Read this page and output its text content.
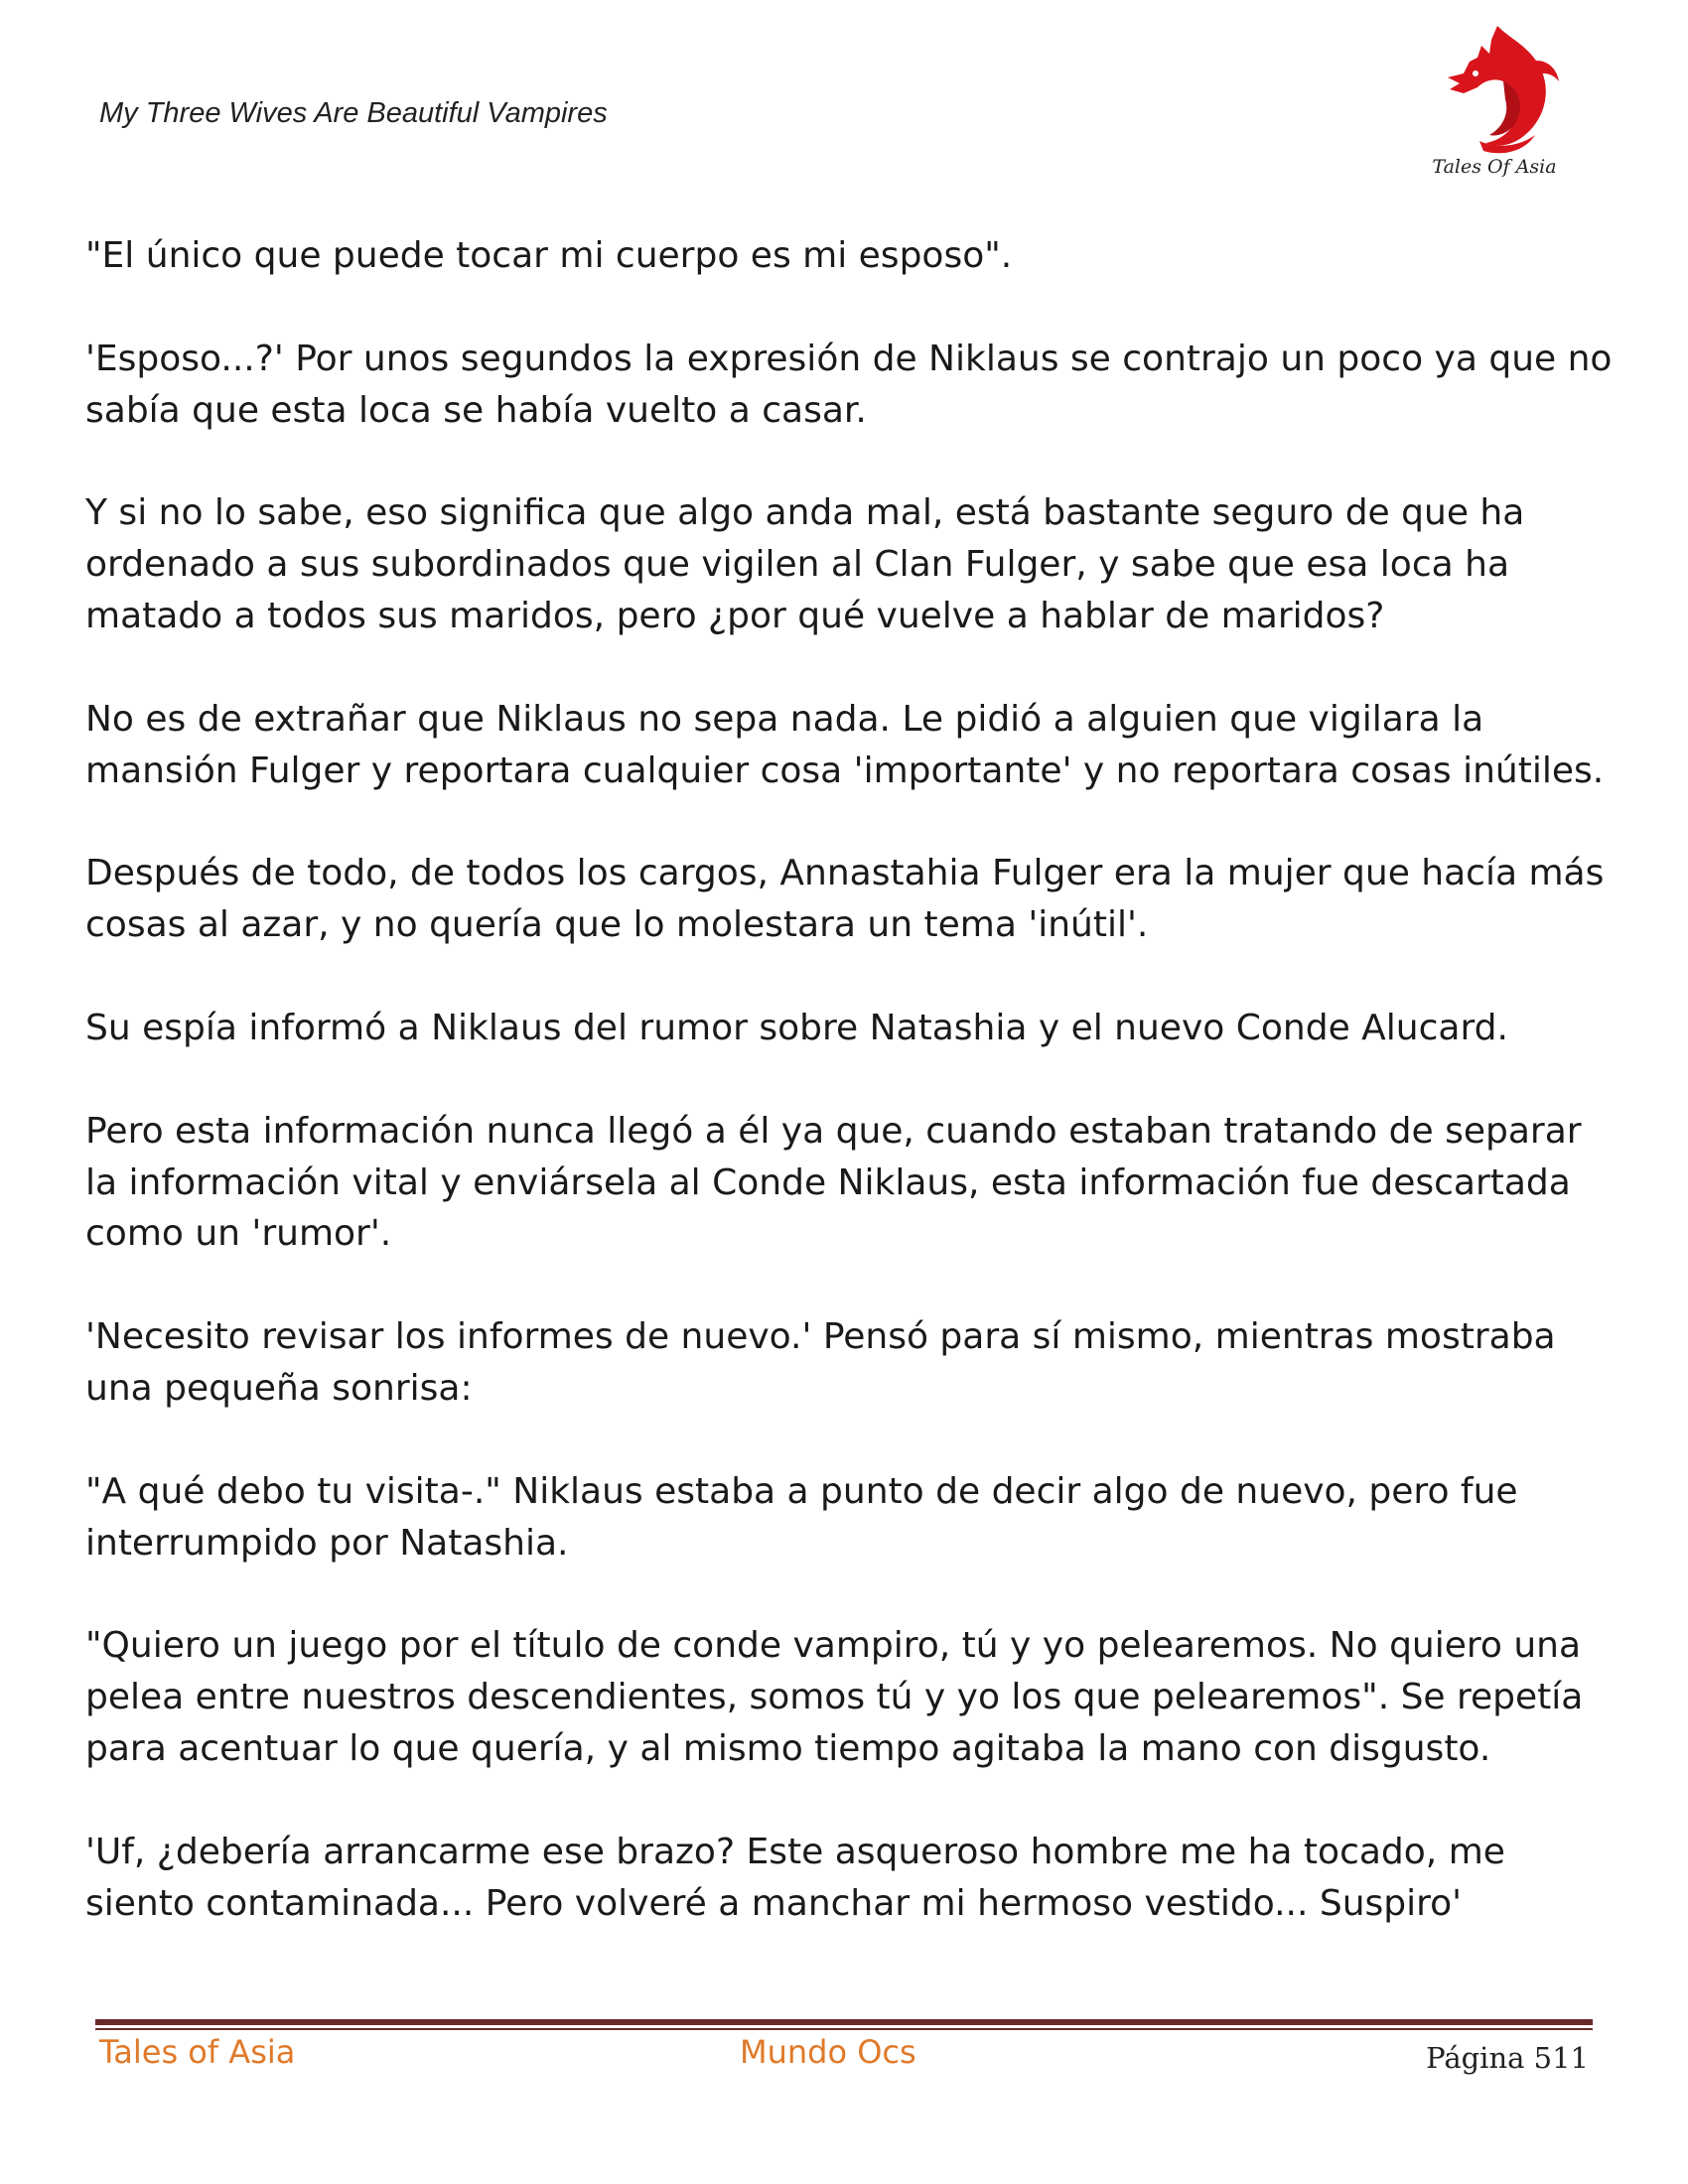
My Three Wives Are Beautiful Vampires
Tales Of Asia

"El único que puede tocar mi cuerpo es mi esposo".

'Esposo...?' Por unos segundos la expresión de Niklaus se contrajo un poco ya que no sabía que esta loca se había vuelto a casar.

Y si no lo sabe, eso significa que algo anda mal, está bastante seguro de que ha ordenado a sus subordinados que vigilen al Clan Fulger, y sabe que esa loca ha matado a todos sus maridos, pero ¿por qué vuelve a hablar de maridos?

No es de extrañar que Niklaus no sepa nada. Le pidió a alguien que vigilara la mansión Fulger y reportara cualquier cosa 'importante' y no reportara cosas inútiles.

Después de todo, de todos los cargos, Annastahia Fulger era la mujer que hacía más cosas al azar, y no quería que lo molestara un tema 'inútil'.

Su espía informó a Niklaus del rumor sobre Natashia y el nuevo Conde Alucard.

Pero esta información nunca llegó a él ya que, cuando estaban tratando de separar la información vital y enviársela al Conde Niklaus, esta información fue descartada como un 'rumor'.

'Necesito revisar los informes de nuevo.' Pensó para sí mismo, mientras mostraba una pequeña sonrisa:

"A qué debo tu visita-." Niklaus estaba a punto de decir algo de nuevo, pero fue interrumpido por Natashia.

"Quiero un juego por el título de conde vampiro, tú y yo pelearemos. No quiero una pelea entre nuestros descendientes, somos tú y yo los que pelearemos". Se repetía para acentuar lo que quería, y al mismo tiempo agitaba la mano con disgusto.

'Uf, ¿debería arrancarme ese brazo? Este asqueroso hombre me ha tocado, me siento contaminada... Pero volveré a manchar mi hermoso vestido... Suspiro'

Tales of Asia	Mundo Ocs	Página 511
